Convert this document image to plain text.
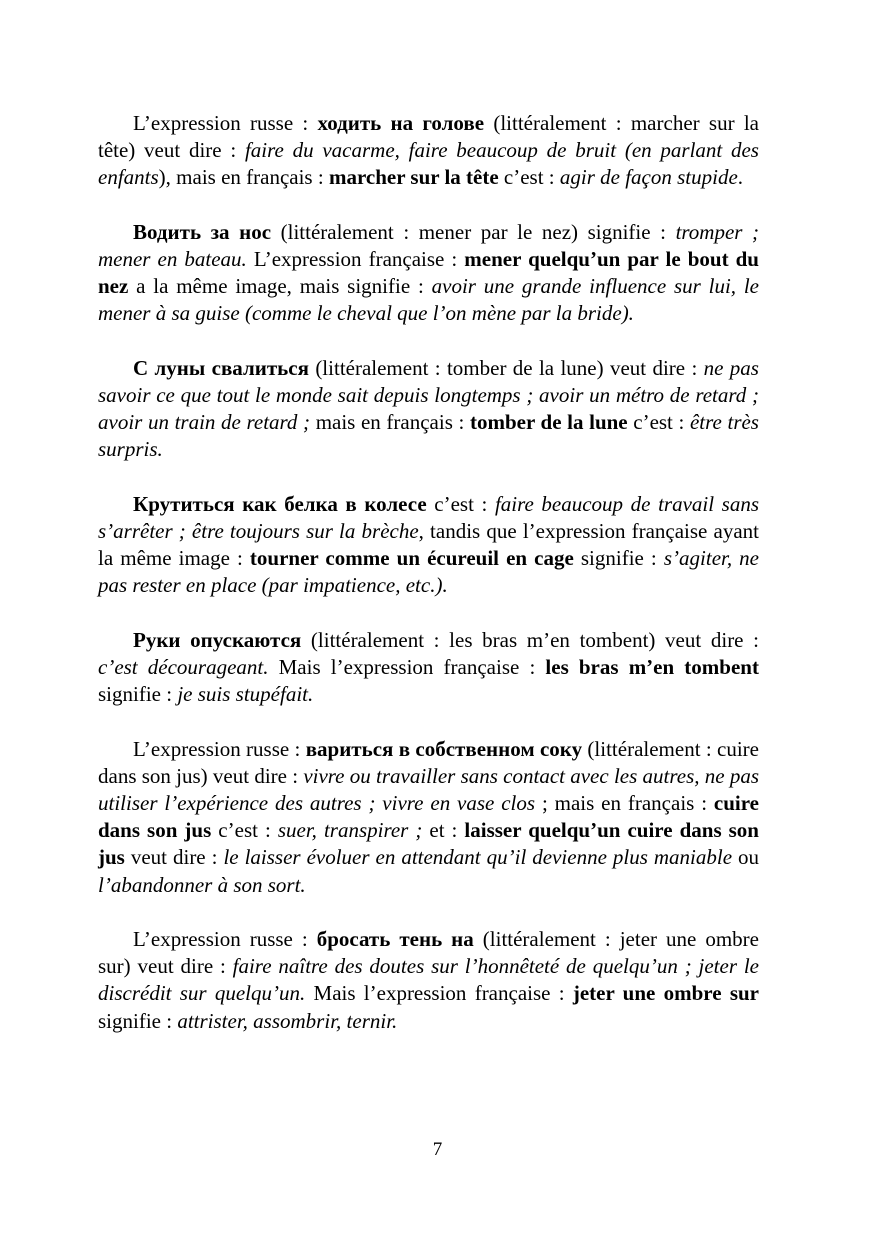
L’expression russe : ходить на голове (littéralement : marcher sur la tête) veut dire : faire du vacarme, faire beaucoup de bruit (en parlant des enfants), mais en français : marcher sur la tête c’est : agir de façon stupide.

Водить за нос (littéralement : mener par le nez) signifie : tromper ; mener en bateau. L’expression française : mener quelqu’un par le bout du nez a la même image, mais signifie : avoir une grande influence sur lui, le mener à sa guise (comme le cheval que l’on mène par la bride).

С луны свалиться (littéralement : tomber de la lune) veut dire : ne pas savoir ce que tout le monde sait depuis longtemps ; avoir un métro de retard ; avoir un train de retard ; mais en français : tomber de la lune c’est : être très surpris.

Крутиться как белка в колесе c’est : faire beaucoup de travail sans s’arrêter ; être toujours sur la brèche, tandis que l’expression française ayant la même image : tourner comme un écureuil en cage signifie : s’agiter, ne pas rester en place (par impatience, etc.).

Руки опускаются (littéralement : les bras m’en tombent) veut dire : c’est décourageant. Mais l’expression française : les bras m’en tombent signifie : je suis stupéfait.

L’expression russe : вариться в собственном соку (littéralement : cuire dans son jus) veut dire : vivre ou travailler sans contact avec les autres, ne pas utiliser l’expérience des autres ; vivre en vase clos ; mais en français : cuire dans son jus c’est : suer, transpirer ; et : laisser quelqu’un cuire dans son jus veut dire : le laisser évoluer en attendant qu’il devienne plus maniable ou l’abandonner à son sort.

L’expression russe : бросать тень на (littéralement : jeter une ombre sur) veut dire : faire naître des doutes sur l’honnêteté de quelqu’un ; jeter le discrédit sur quelqu’un. Mais l’expression française : jeter une ombre sur signifie : attrister, assombrir, ternir.

7
